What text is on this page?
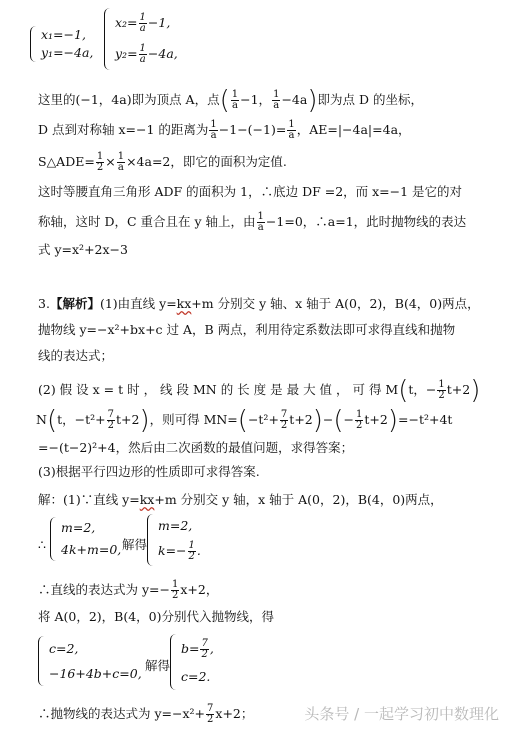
x₁=−1,
y₁=−4a,
$x_2= \frac{1}{a} -1$,
$y_2= \frac{1}{a} -4a$,
这里的(−1，4a)即为顶点 A，点( $\frac{1}{a} -1$， $\frac{1}{a} -4a$)即为点 D 的坐标，
D 点到对称轴 x=−1 的距离为 $\frac{1}{a} -1-(-1)= \frac{1}{a}$ ，AE=|−4a|=4a，
S△ADE= $\frac{1}{2} \times \frac{1}{a} \times 4a=2$，即它的面积为定值.
这时等腰直角三角形 ADF 的面积为 1，∴底边 DF =2，而 x=−1 是它的对
称轴，这时 D，C 重合且在 y 轴上，由 $\frac{1}{a} -1=0$，∴a=1，此时抛物线的表达
式 y=x²+2x−3
3.【解析】(1)由直线 y=kx+m 分别交 y 轴、x 轴于 A(0，2)，B(4，0)两点，
抛物线 y=−x²+bx+c 过 A，B 两点，利用待定系数法即可求得直线和抛物
线的表达式；
(2) 假 设 x = t 时 ， 线 段 MN 的 长 度 是 最 大 值 ， 可 得 M(t，− $\frac{1}{2} t+2$)
N(t，$-t^2+ \frac{7}{2} t+2$)，则可得 $MN=(-t^2+ \frac{7}{2} t+2)-(- \frac{1}{2} t+2)=-t^2+4t$
=−(t−2)²+4，然后由二次函数的最值问题，求得答案；
(3)根据平行四边形的性质即可求得答案.
解：(1)∵直线 y=kx+m 分别交 y 轴，x 轴于 A(0，2)，B(4，0)两点，
∴
m=2,
4k+m=0, 解得
m=2,
$k=- \frac{1}{2}$ .
∴直线的表达式为 $y=- \frac{1}{2} x+2$，
将 A(0，2)，B(4，0)分别代入抛物线，得
c=2,
−16+4b+c=0, 解得
$b= \frac{7}{2}$ ,
c=2.
∴抛物线的表达式为 $y=-x^2+ \frac{7}{2} x+2$；	头条号 / 一起学习初中数理化
